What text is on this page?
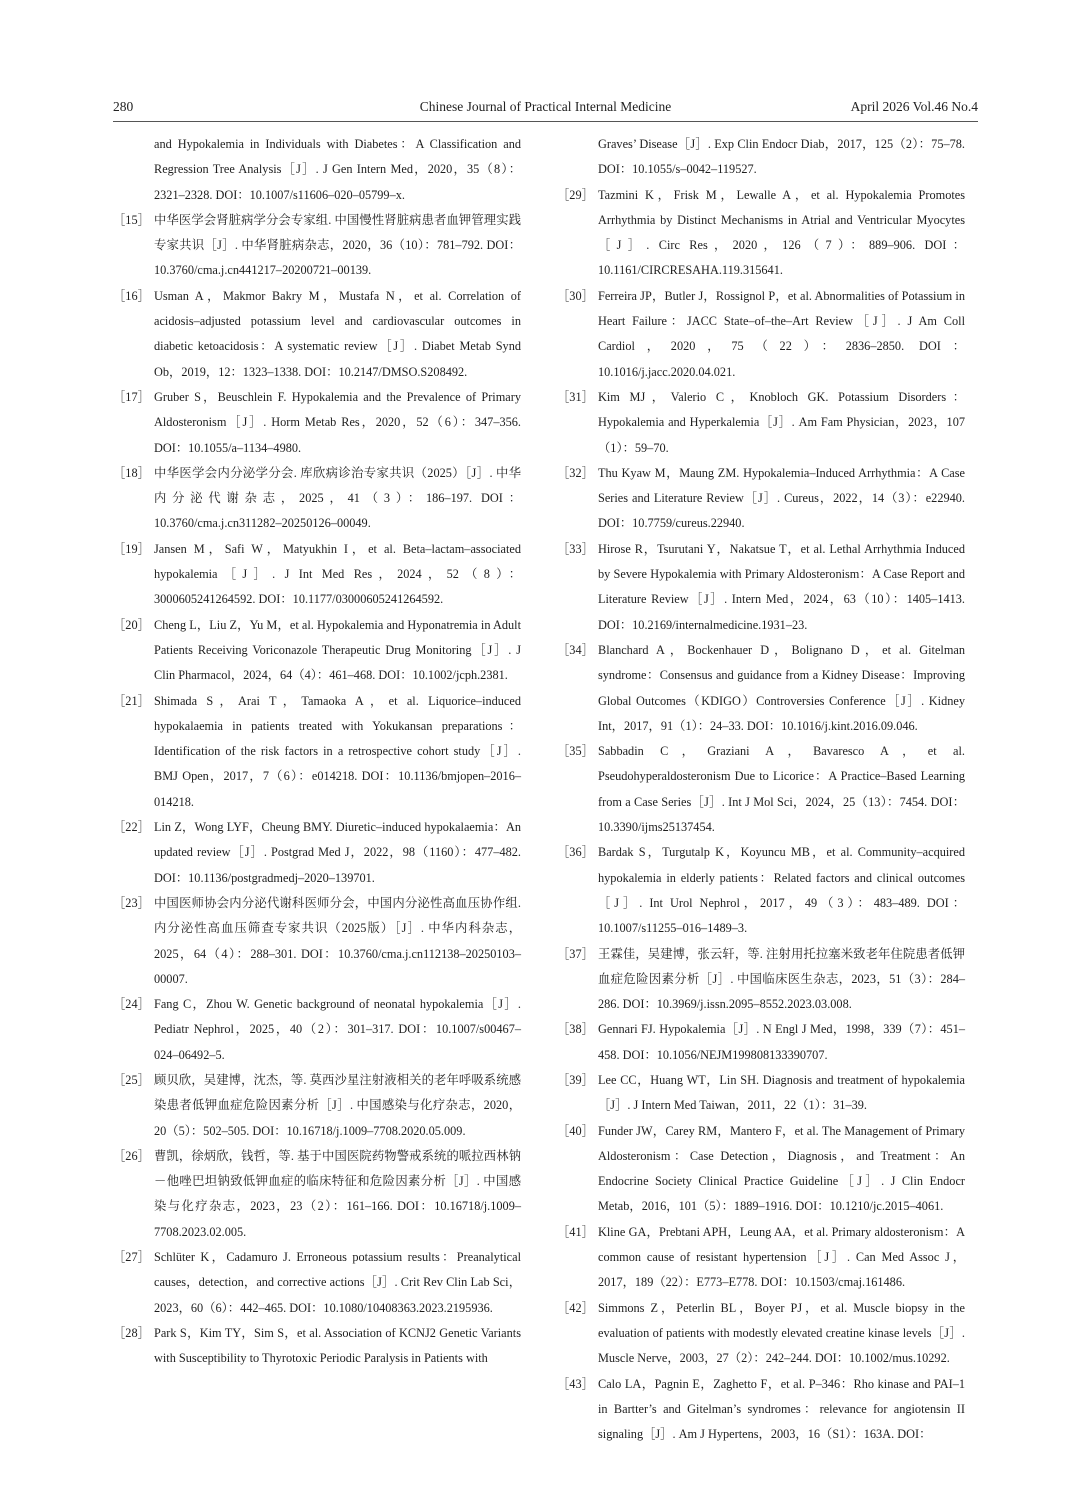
280	Chinese Journal of Practical Internal Medicine	April 2026 Vol.46 No.4

and Hypokalemia in Individuals with Diabetes：A Classification and Regression Tree Analysis［J］. J Gen Intern Med，2020，35（8）：2321–2328. DOI：10.1007/s11606–020–05799–x.

［15］ 中华医学会肾脏病学分会专家组. 中国慢性肾脏病患者血钾管理实践专家共识［J］. 中华肾脏病杂志，2020，36（10）：781–792. DOI：10.3760/cma.j.cn441217–20200721–00139.

［16］ Usman A，Makmor Bakry M，Mustafa N，et al. Correlation of acidosis–adjusted potassium level and cardiovascular outcomes in diabetic ketoacidosis：A systematic review［J］. Diabet Metab Synd Ob，2019，12：1323–1338. DOI：10.2147/DMSO.S208492.

［17］ Gruber S，Beuschlein F. Hypokalemia and the Prevalence of Primary Aldosteronism［J］. Horm Metab Res，2020，52（6）：347–356. DOI：10.1055/a–1134–4980.

［18］ 中华医学会内分泌学分会. 库欣病诊治专家共识（2025）［J］. 中华内分泌代谢杂志，2025，41（3）：186–197. DOI：10.3760/cma.j.cn311282–20250126–00049.

［19］ Jansen M，Safi W，Matyukhin I，et al. Beta–lactam–associated hypokalemia［J］. J Int Med Res，2024，52（8）：3000605241264592. DOI：10.1177/03000605241264592.

［20］ Cheng L，Liu Z，Yu M，et al. Hypokalemia and Hyponatremia in Adult Patients Receiving Voriconazole Therapeutic Drug Monitoring［J］. J Clin Pharmacol，2024，64（4）：461–468. DOI：10.1002/jcph.2381.

［21］ Shimada S，Arai T，Tamaoka A，et al. Liquorice–induced hypokalaemia in patients treated with Yokukansan preparations：Identification of the risk factors in a retrospective cohort study［J］. BMJ Open，2017，7（6）：e014218. DOI：10.1136/bmjopen–2016–014218.

［22］ Lin Z，Wong LYF，Cheung BMY. Diuretic–induced hypokalaemia：An updated review［J］. Postgrad Med J，2022，98（1160）：477–482. DOI：10.1136/postgradmedj–2020–139701.

［23］ 中国医师协会内分泌代谢科医师分会，中国内分泌性高血压协作组. 内分泌性高血压筛查专家共识（2025版）［J］. 中华内科杂志，2025，64（4）：288–301. DOI：10.3760/cma.j.cn112138–20250103–00007.

［24］ Fang C，Zhou W. Genetic background of neonatal hypokalemia［J］. Pediatr Nephrol，2025，40（2）：301–317. DOI：10.1007/s00467–024–06492–5.

［25］ 顾贝欣，吴建博，沈杰，等. 莫西沙星注射液相关的老年呼吸系统感染患者低钾血症危险因素分析［J］. 中国感染与化疗杂志，2020，20（5）：502–505. DOI：10.16718/j.1009–7708.2020.05.009.

［26］ 曹凯，徐炳欣，钱哲，等. 基于中国医院药物警戒系统的哌拉西林钠－他唑巴坦钠致低钾血症的临床特征和危险因素分析［J］. 中国感染与化疗杂志，2023，23（2）：161–166. DOI：10.16718/j.1009–7708.2023.02.005.

［27］ Schlüter K，Cadamuro J. Erroneous potassium results：Preanalytical causes，detection，and corrective actions［J］. Crit Rev Clin Lab Sci，2023，60（6）：442–465. DOI：10.1080/10408363.2023.2195936.

［28］ Park S，Kim TY，Sim S，et al. Association of KCNJ2 Genetic Variants with Susceptibility to Thyrotoxic Periodic Paralysis in Patients with

Graves’ Disease［J］. Exp Clin Endocr Diab，2017，125（2）：75–78. DOI：10.1055/s–0042–119527.

［29］ Tazmini K，Frisk M，Lewalle A，et al. Hypokalemia Promotes Arrhythmia by Distinct Mechanisms in Atrial and Ventricular Myocytes［J］. Circ Res，2020，126（7）：889–906. DOI：10.1161/CIRCRESAHA.119.315641.

［30］ Ferreira JP，Butler J，Rossignol P，et al. Abnormalities of Potassium in Heart Failure：JACC State–of–the–Art Review［J］. J Am Coll Cardiol，2020，75（22）：2836–2850. DOI：10.1016/j.jacc.2020.04.021.

［31］ Kim MJ，Valerio C，Knobloch GK. Potassium Disorders：Hypokalemia and Hyperkalemia［J］. Am Fam Physician，2023，107（1）：59–70.

［32］ Thu Kyaw M，Maung ZM. Hypokalemia–Induced Arrhythmia：A Case Series and Literature Review［J］. Cureus，2022，14（3）：e22940. DOI：10.7759/cureus.22940.

［33］ Hirose R，Tsurutani Y，Nakatsue T，et al. Lethal Arrhythmia Induced by Severe Hypokalemia with Primary Aldosteronism：A Case Report and Literature Review［J］. Intern Med，2024，63（10）：1405–1413. DOI：10.2169/internalmedicine.1931–23.

［34］ Blanchard A，Bockenhauer D，Bolignano D，et al. Gitelman syndrome：Consensus and guidance from a Kidney Disease：Improving Global Outcomes（KDIGO）Controversies Conference［J］. Kidney Int，2017，91（1）：24–33. DOI：10.1016/j.kint.2016.09.046.

［35］ Sabbadin C，Graziani A，Bavaresco A，et al. Pseudohyperaldosteronism Due to Licorice：A Practice–Based Learning from a Case Series［J］. Int J Mol Sci，2024，25（13）：7454. DOI：10.3390/ijms25137454.

［36］ Bardak S，Turgutalp K，Koyuncu MB，et al. Community–acquired hypokalemia in elderly patients：Related factors and clinical outcomes［J］. Int Urol Nephrol，2017，49（3）：483–489. DOI：10.1007/s11255–016–1489–3.

［37］ 王霖佳，吴建博，张云轩，等. 注射用托拉塞米致老年住院患者低钾血症危险因素分析［J］. 中国临床医生杂志，2023，51（3）：284–286. DOI：10.3969/j.issn.2095–8552.2023.03.008.

［38］ Gennari FJ. Hypokalemia［J］. N Engl J Med，1998，339（7）：451–458. DOI：10.1056/NEJM199808133390707.

［39］ Lee CC，Huang WT，Lin SH. Diagnosis and treatment of hypokalemia［J］. J Intern Med Taiwan，2011，22（1）：31–39.

［40］ Funder JW，Carey RM，Mantero F，et al. The Management of Primary Aldosteronism：Case Detection，Diagnosis，and Treatment：An Endocrine Society Clinical Practice Guideline［J］. J Clin Endocr Metab，2016，101（5）：1889–1916. DOI：10.1210/jc.2015–4061.

［41］ Kline GA，Prebtani APH，Leung AA，et al. Primary aldosteronism：A common cause of resistant hypertension［J］. Can Med Assoc J，2017，189（22）：E773–E778. DOI：10.1503/cmaj.161486.

［42］ Simmons Z，Peterlin BL，Boyer PJ，et al. Muscle biopsy in the evaluation of patients with modestly elevated creatine kinase levels［J］. Muscle Nerve，2003，27（2）：242–244. DOI：10.1002/mus.10292.

［43］ Calo LA，Pagnin E，Zaghetto F，et al. P–346：Rho kinase and PAI–1 in Bartter’s and Gitelman’s syndromes：relevance for angiotensin II signaling［J］. Am J Hypertens，2003，16（S1）：163A. DOI：
